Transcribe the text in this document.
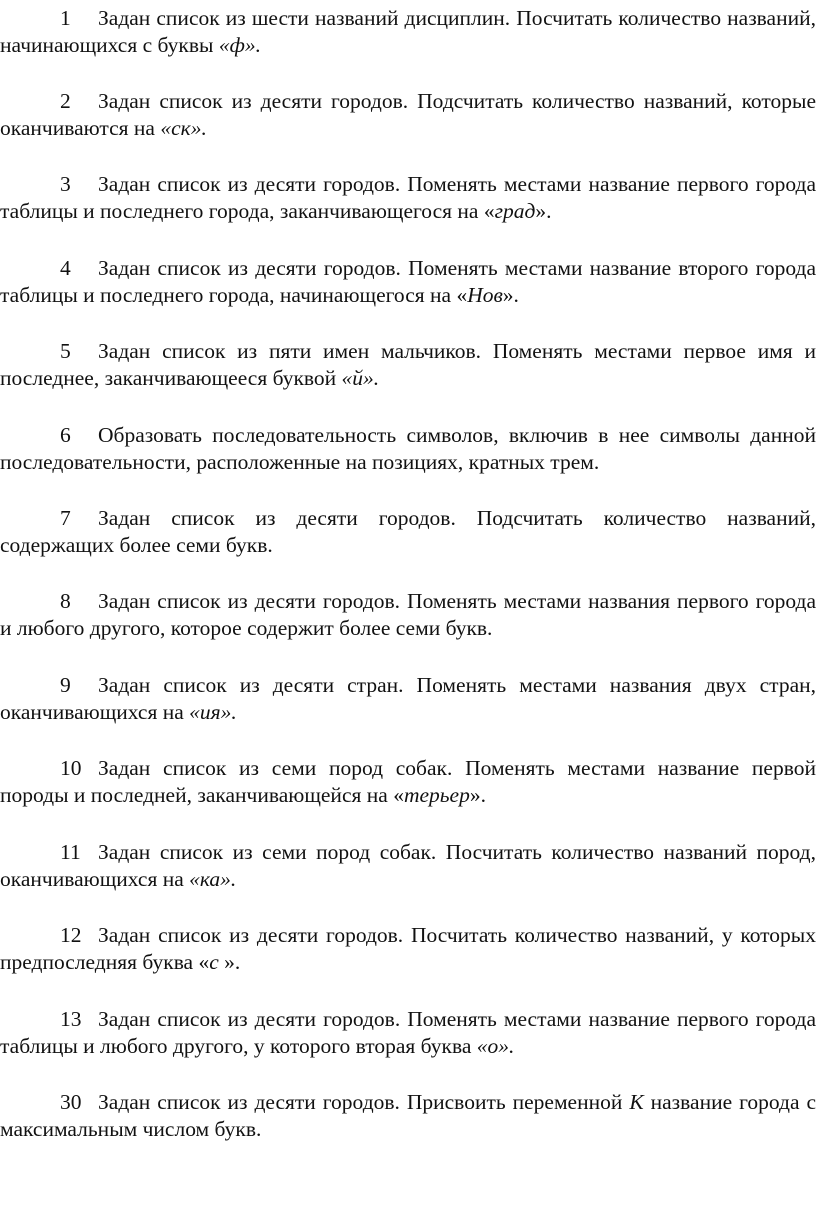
1 Задан список из шести названий дисциплин. Посчитать количество названий, начинающихся с буквы «ф».

2 Задан список из десяти городов. Подсчитать количество названий, которые оканчиваются на «ск».

3 Задан список из десяти городов. Поменять местами название первого города таблицы и последнего города, заканчивающегося на «град».

4 Задан список из десяти городов. Поменять местами название второго города таблицы и последнего города, начинающегося на «Нов».

5 Задан список из пяти имен мальчиков. Поменять местами первое имя и последнее, заканчивающееся буквой «й».

6 Образовать последовательность символов, включив в нее символы данной последовательности, расположенные на позициях, кратных трем.

7 Задан список из десяти городов. Подсчитать количество названий, содержащих более семи букв.

8 Задан список из десяти городов. Поменять местами названия первого города и любого другого, которое содержит более семи букв.

9 Задан список из десяти стран. Поменять местами названия двух стран, оканчивающихся на «ия».

10 Задан список из семи пород собак. Поменять местами название первой породы и последней, заканчивающейся на «терьер».

11 Задан список из семи пород собак. Посчитать количество названий пород, оканчивающихся на «ка».

12 Задан список из десяти городов. Посчитать количество названий, у которых предпоследняя буква «с ».

13 Задан список из десяти городов. Поменять местами название первого города таблицы и любого другого, у которого вторая буква «о».

30 Задан список из десяти городов. Присвоить переменной K название города с максимальным числом букв.
